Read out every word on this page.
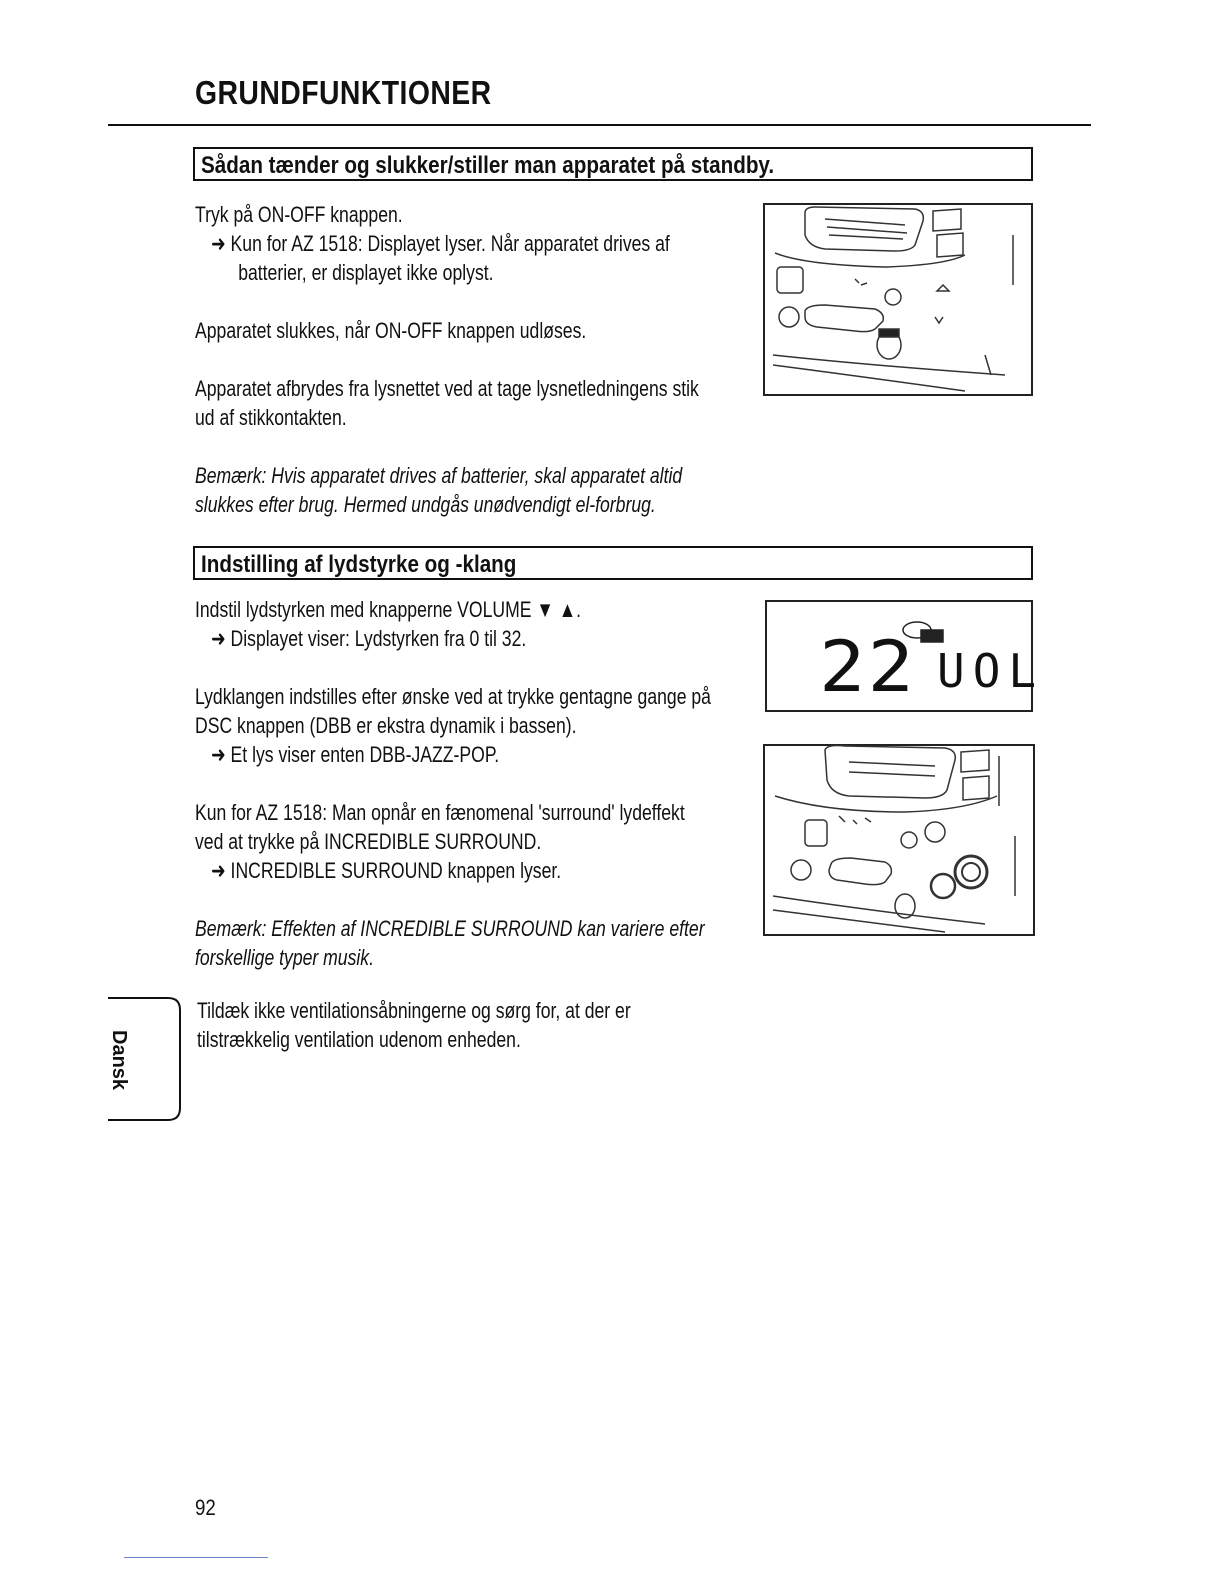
GRUNDFUNKTIONER
Sådan tænder og slukker/stiller man apparatet på standby.
Tryk på ON-OFF knappen.
➜ Kun for AZ 1518: Displayet lyser. Når apparatet drives af
batterier, er displayet ikke oplyst.
Apparatet slukkes, når ON-OFF knappen udløses.
Apparatet afbrydes fra lysnettet ved at tage lysnetledningens stik
ud af stikkontakten.
Bemærk: Hvis apparatet drives af batterier, skal apparatet altid
slukkes efter brug. Hermed undgås unødvendigt el-forbrug.
Indstilling af lydstyrke og -klang
Indstil lydstyrken med knapperne VOLUME ▼ ▲.
➜ Displayet viser: Lydstyrken fra 0 til 32.
Lydklangen indstilles efter ønske ved at trykke gentagne gange på
DSC knappen (DBB er ekstra dynamik i bassen).
➜ Et lys viser enten DBB-JAZZ-POP.
Kun for AZ 1518: Man opnår en fænomenal 'surround' lydeffekt
ved at trykke på INCREDIBLE SURROUND.
➜ INCREDIBLE SURROUND knappen lyser.
Bemærk: Effekten af INCREDIBLE SURROUND kan variere efter
forskellige typer musik.
22 UOL
Tildæk ikke ventilationsåbningerne og sørg for, at der er
tilstrækkelig ventilation udenom enheden.
Dansk
92
